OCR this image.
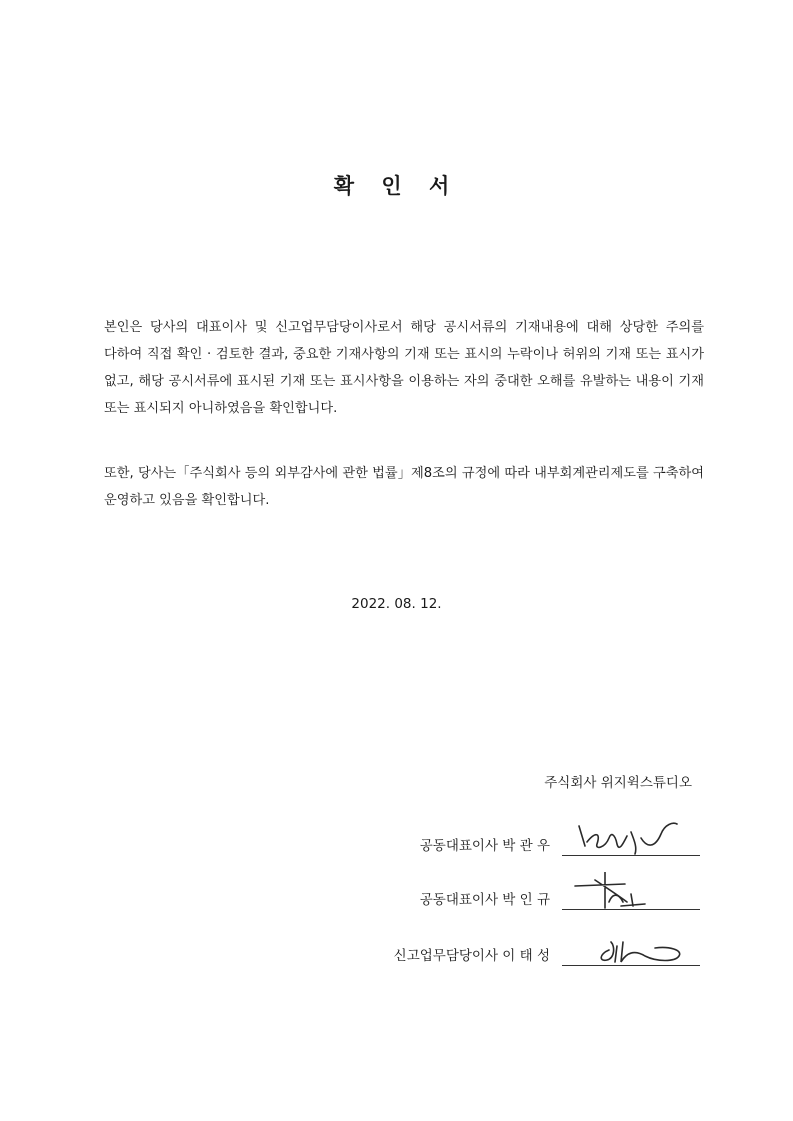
확 인 서

본인은 당사의 대표이사 및 신고업무담당이사로서 해당 공시서류의 기재내용에 대해 상당한 주의를 다하여 직접 확인 · 검토한 결과, 중요한 기재사항의 기재 또는 표시의 누락이나 허위의 기재 또는 표시가 없고, 해당 공시서류에 표시된 기재 또는 표시사항을 이용하는 자의 중대한 오해를 유발하는 내용이 기재 또는 표시되지 아니하였음을 확인합니다.

또한, 당사는「주식회사 등의 외부감사에 관한 법률」제8조의 규정에 따라 내부회계관리제도를 구축하여 운영하고 있음을 확인합니다.

2022. 08. 12.
주식회사 위지윅스튜디오
공동대표이사 박 관 우
공동대표이사 박 인 규
신고업무담당이사 이 태 성
